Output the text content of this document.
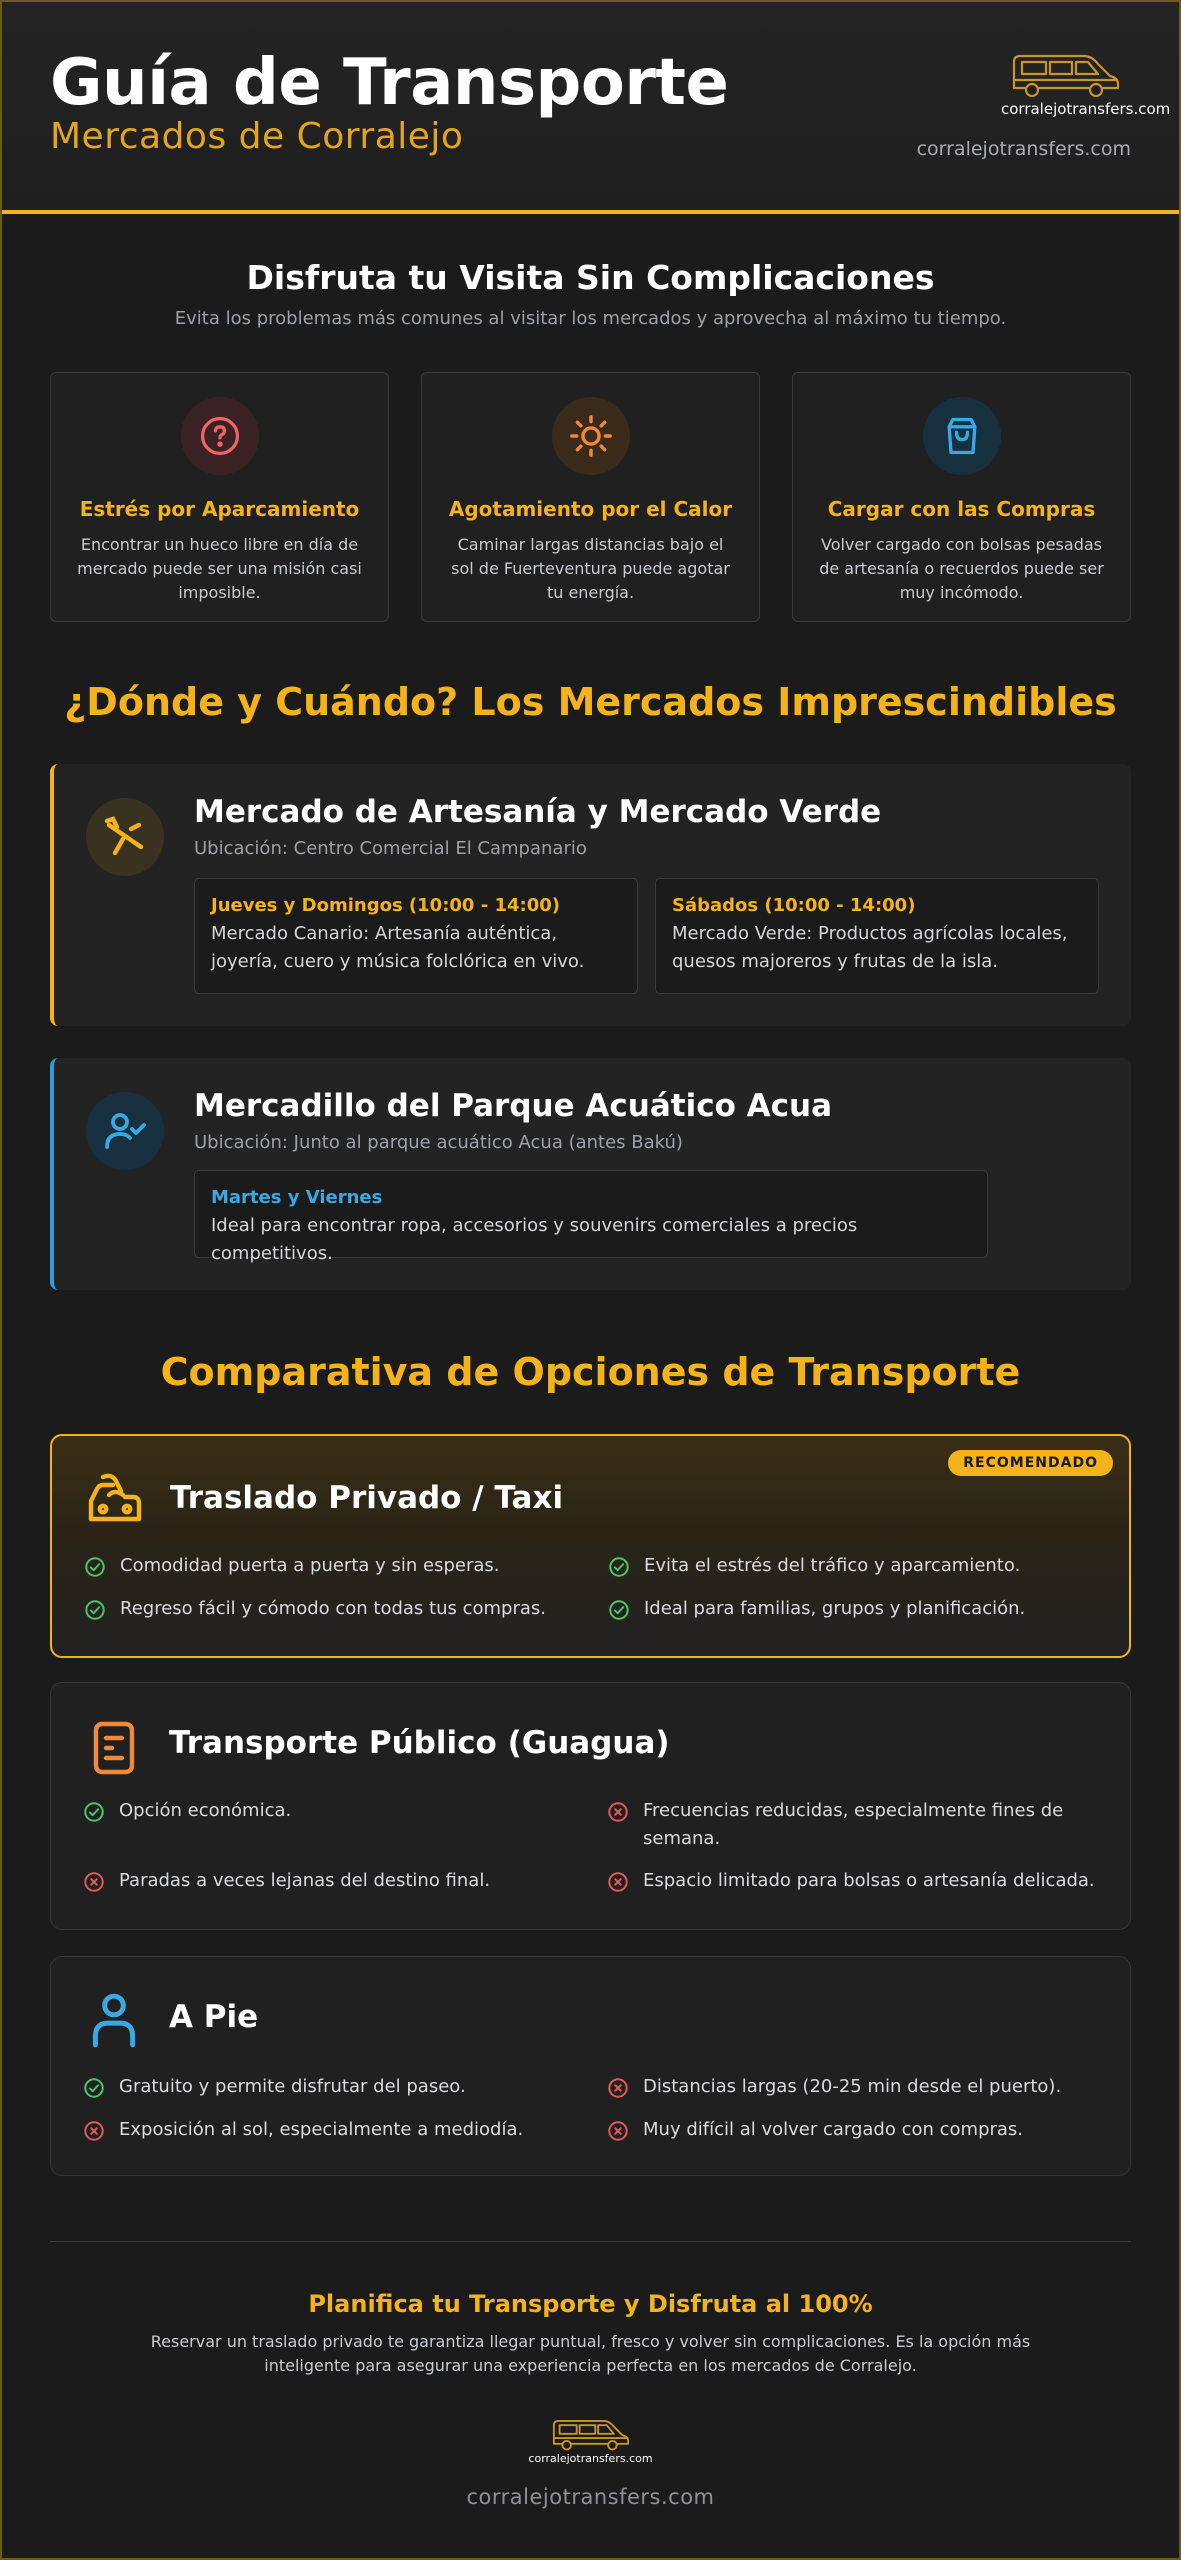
Guía de Transporte
Mercados de Corralejo
corralejotransfers.com
corralejotransfers.com
Disfruta tu Visita Sin Complicaciones

Evita los problemas más comunes al visitar los mercados y aprovecha al máximo tu tiempo.

Estrés por Aparcamiento

Encontrar un hueco libre en día de mercado puede ser una misión casi imposible.

Agotamiento por el Calor

Caminar largas distancias bajo el sol de Fuerteventura puede agotar tu energía.

Cargar con las Compras

Volver cargado con bolsas pesadas de artesanía o recuerdos puede ser muy incómodo.

¿Dónde y Cuándo? Los Mercados Imprescindibles
Mercado de Artesanía y Mercado Verde
Ubicación: Centro Comercial El Campanario
Jueves y Domingos (10:00 - 14:00)
Mercado Canario: Artesanía auténtica, joyería, cuero y música folclórica en vivo.
Sábados (10:00 - 14:00)
Mercado Verde: Productos agrícolas locales, quesos majoreros y frutas de la isla.
Mercadillo del Parque Acuático Acua
Ubicación: Junto al parque acuático Acua (antes Bakú)
Martes y Viernes
Ideal para encontrar ropa, accesorios y souvenirs comerciales a precios competitivos.
Comparativa de Opciones de Transporte
RECOMENDADO
Traslado Privado / Taxi
Comodidad puerta a puerta y sin esperas.	Evita el estrés del tráfico y aparcamiento.
Regreso fácil y cómodo con todas tus compras.	Ideal para familias, grupos y planificación.
Transporte Público (Guagua)
Opción económica.	Frecuencias reducidas, especialmente fines de semana.
Paradas a veces lejanas del destino final.	Espacio limitado para bolsas o artesanía delicada.
A Pie
Gratuito y permite disfrutar del paseo.	Distancias largas (20-25 min desde el puerto).
Exposición al sol, especialmente a mediodía.	Muy difícil al volver cargado con compras.
Planifica tu Transporte y Disfruta al 100%

Reservar un traslado privado te garantiza llegar puntual, fresco y volver sin complicaciones. Es la opción más inteligente para asegurar una experiencia perfecta en los mercados de Corralejo.

corralejotransfers.com
corralejotransfers.com
